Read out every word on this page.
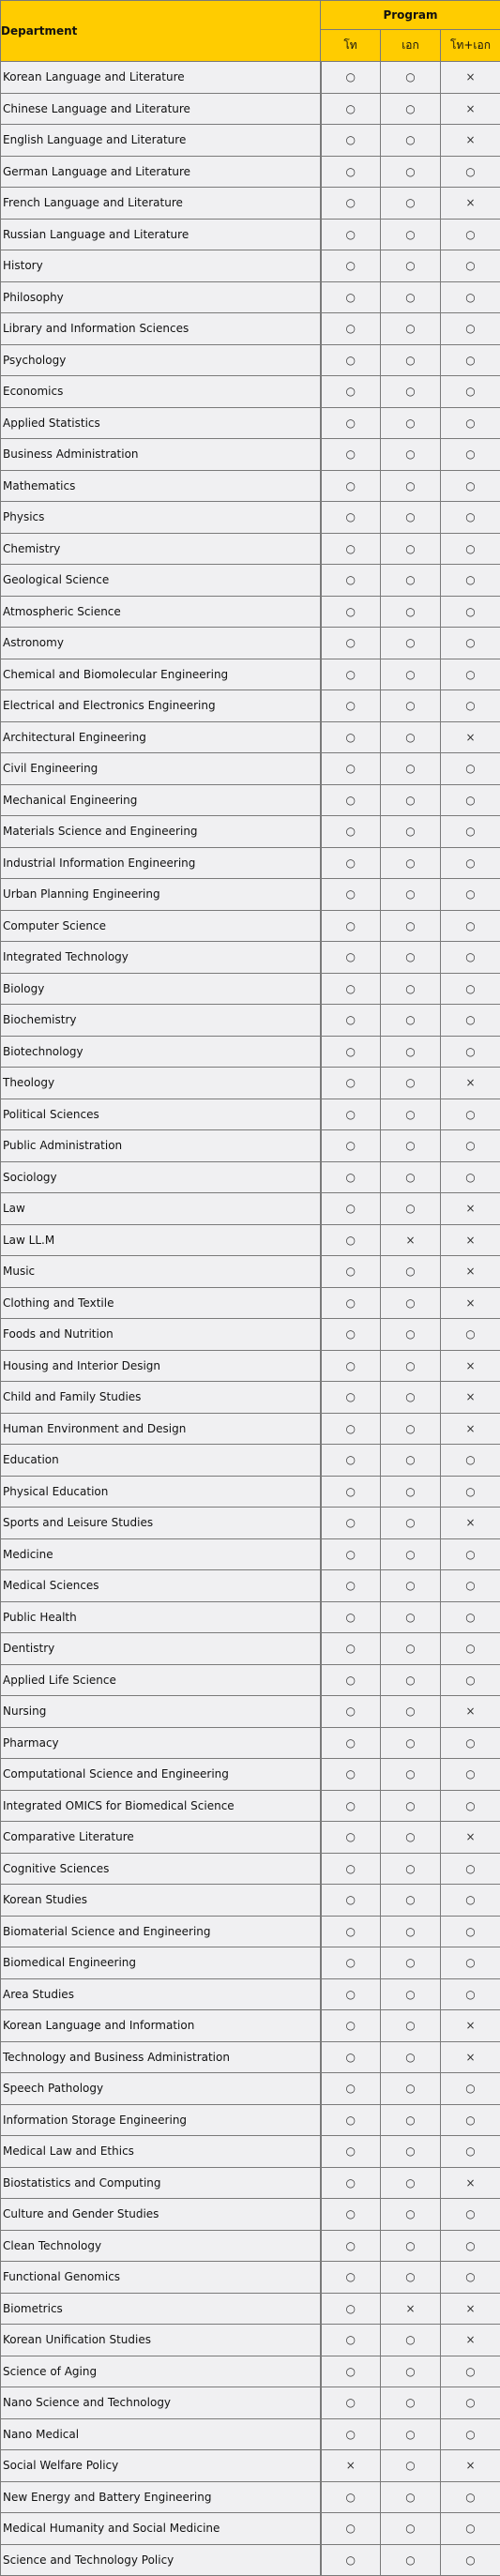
Department	Program		
	โท	เอก	โท+เอก
Korean Language and Literature	○	○	×
Chinese Language and Literature	○	○	×
English Language and Literature	○	○	×
German Language and Literature	○	○	○
French Language and Literature	○	○	×
Russian Language and Literature	○	○	○
History	○	○	○
Philosophy	○	○	○
Library and Information Sciences	○	○	○
Psychology	○	○	○
Economics	○	○	○
Applied Statistics	○	○	○
Business Administration	○	○	○
Mathematics	○	○	○
Physics	○	○	○
Chemistry	○	○	○
Geological Science	○	○	○
Atmospheric Science	○	○	○
Astronomy	○	○	○
Chemical and Biomolecular Engineering	○	○	○
Electrical and Electronics Engineering	○	○	○
Architectural Engineering	○	○	×
Civil Engineering	○	○	○
Mechanical Engineering	○	○	○
Materials Science and Engineering	○	○	○
Industrial Information Engineering	○	○	○
Urban Planning Engineering	○	○	○
Computer Science	○	○	○
Integrated Technology	○	○	○
Biology	○	○	○
Biochemistry	○	○	○
Biotechnology	○	○	○
Theology	○	○	×
Political Sciences	○	○	○
Public Administration	○	○	○
Sociology	○	○	○
Law	○	○	×
Law LL.M	○	×	×
Music	○	○	×
Clothing and Textile	○	○	×
Foods and Nutrition	○	○	○
Housing and Interior Design	○	○	×
Child and Family Studies	○	○	×
Human Environment and Design	○	○	×
Education	○	○	○
Physical Education	○	○	○
Sports and Leisure Studies	○	○	×
Medicine	○	○	○
Medical Sciences	○	○	○
Public Health	○	○	○
Dentistry	○	○	○
Applied Life Science	○	○	○
Nursing	○	○	×
Pharmacy	○	○	○
Computational Science and Engineering	○	○	○
Integrated OMICS for Biomedical Science	○	○	○
Comparative Literature	○	○	×
Cognitive Sciences	○	○	○
Korean Studies	○	○	○
Biomaterial Science and Engineering	○	○	○
Biomedical Engineering	○	○	○
Area Studies	○	○	○
Korean Language and Information	○	○	×
Technology and Business Administration	○	○	×
Speech Pathology	○	○	○
Information Storage Engineering	○	○	○
Medical Law and Ethics	○	○	○
Biostatistics and Computing	○	○	×
Culture and Gender Studies	○	○	○
Clean Technology	○	○	○
Functional Genomics	○	○	○
Biometrics	○	×	×
Korean Unification Studies	○	○	×
Science of Aging	○	○	○
Nano Science and Technology	○	○	○
Nano Medical	○	○	○
Social Welfare Policy	×	○	×
New Energy and Battery Engineering	○	○	○
Medical Humanity and Social Medicine	○	○	○
Science and Technology Policy	○	○	○
